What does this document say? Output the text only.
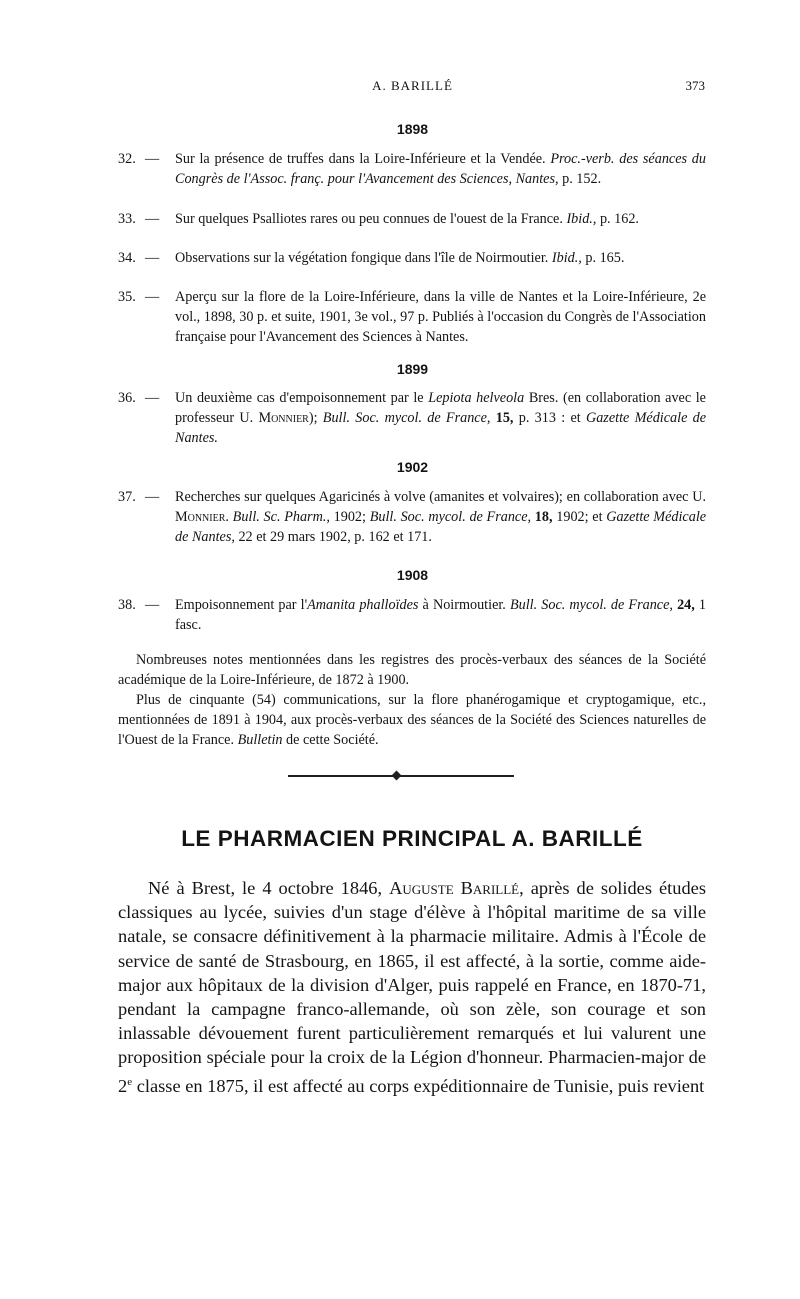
A. BARILLÉ	373
1898
32. — Sur la présence de truffes dans la Loire-Inférieure et la Vendée. Proc.-verb. des séances du Congrès de l'Assoc. franç. pour l'Avancement des Sciences, Nantes, p. 152.
33. — Sur quelques Psalliotes rares ou peu connues de l'ouest de la France. Ibid., p. 162.
34. — Observations sur la végétation fongique dans l'île de Noirmoutier. Ibid., p. 165.
35. — Aperçu sur la flore de la Loire-Inférieure, dans la ville de Nantes et la Loire-Inférieure, 2e vol., 1898, 30 p. et suite, 1901, 3e vol., 97 p. Publiés à l'occasion du Congrès de l'Association française pour l'Avancement des Sciences à Nantes.
1899
36. — Un deuxième cas d'empoisonnement par le Lepiota helveola Bres. (en collaboration avec le professeur U. Monnier); Bull. Soc. mycol. de France, 15, p. 313 : et Gazette Médicale de Nantes.
1902
37. — Recherches sur quelques Agaricinés à volve (amanites et volvaires); en collaboration avec U. Monnier. Bull. Sc. Pharm., 1902; Bull. Soc. mycol. de France, 18, 1902; et Gazette Médicale de Nantes, 22 et 29 mars 1902, p. 162 et 171.
1908
38. — Empoisonnement par l'Amanita phalloïdes à Noirmoutier. Bull. Soc. mycol. de France, 24, 1 fasc.
Nombreuses notes mentionnées dans les registres des procès-verbaux des séances de la Société académique de la Loire-Inférieure, de 1872 à 1900.
Plus de cinquante (54) communications, sur la flore phanérogamique et cryptogamique, etc., mentionnées de 1891 à 1904, aux procès-verbaux des séances de la Société des Sciences naturelles de l'Ouest de la France. Bulletin de cette Société.
LE PHARMACIEN PRINCIPAL A. BARILLÉ
Né à Brest, le 4 octobre 1846, Auguste Barillé, après de solides études classiques au lycée, suivies d'un stage d'élève à l'hôpital maritime de sa ville natale, se consacre définitivement à la pharmacie militaire. Admis à l'École de service de santé de Strasbourg, en 1865, il est affecté, à la sortie, comme aide-major aux hôpitaux de la division d'Alger, puis rappelé en France, en 1870-71, pendant la campagne franco-allemande, où son zèle, son courage et son inlassable dévouement furent particulièrement remarqués et lui valurent une proposition spéciale pour la croix de la Légion d'honneur. Pharmacien-major de 2e classe en 1875, il est affecté au corps expéditionnaire de Tunisie, puis revient
